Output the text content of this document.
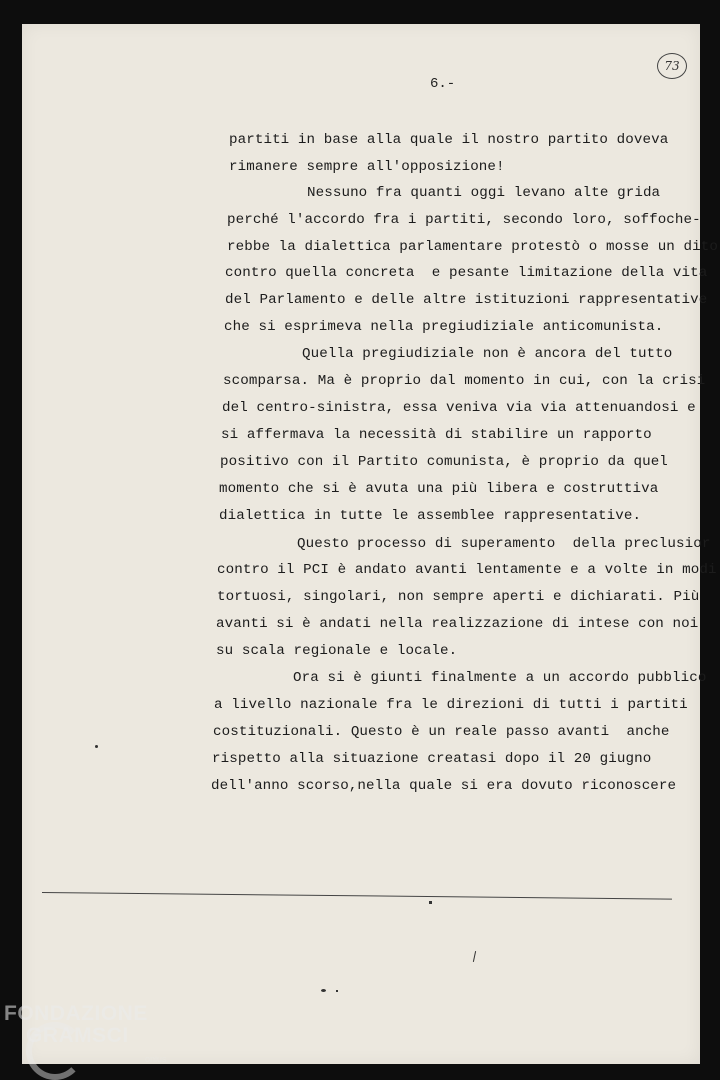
6.-
73
partiti in base alla quale il nostro partito doveva
rimanere sempre all'opposizione!
Nessuno fra quanti oggi levano alte grida
perché l'accordo fra i partiti, secondo loro, soffoche-
rebbe la dialettica parlamentare protestò o mosse un dito
contro quella concreta  e pesante limitazione della vita
del Parlamento e delle altre istituzioni rappresentative
che si esprimeva nella pregiudiziale anticomunista.
Quella pregiudiziale non è ancora del tutto
scomparsa. Ma è proprio dal momento in cui, con la crisi
del centro-sinistra, essa veniva via via attenuandosi e
si affermava la necessità di stabilire un rapporto
positivo con il Partito comunista, è proprio da quel
momento che si è avuta una più libera e costruttiva
dialettica in tutte le assemblee rappresentative.
Questo processo di superamento  della preclusior
contro il PCI è andato avanti lentamente e a volte in modi
tortuosi, singolari, non sempre aperti e dichiarati. Più
avanti si è andati nella realizzazione di intese con noi
su scala regionale e locale.
Ora si è giunti finalmente a un accordo pubblico
a livello nazionale fra le direzioni di tutti i partiti
costituzionali. Questo è un reale passo avanti  anche
rispetto alla situazione creatasi dopo il 20 giugno
dell'anno scorso,nella quale si era dovuto riconoscere
FONDAZIONE
GRAMSCI
onlus
